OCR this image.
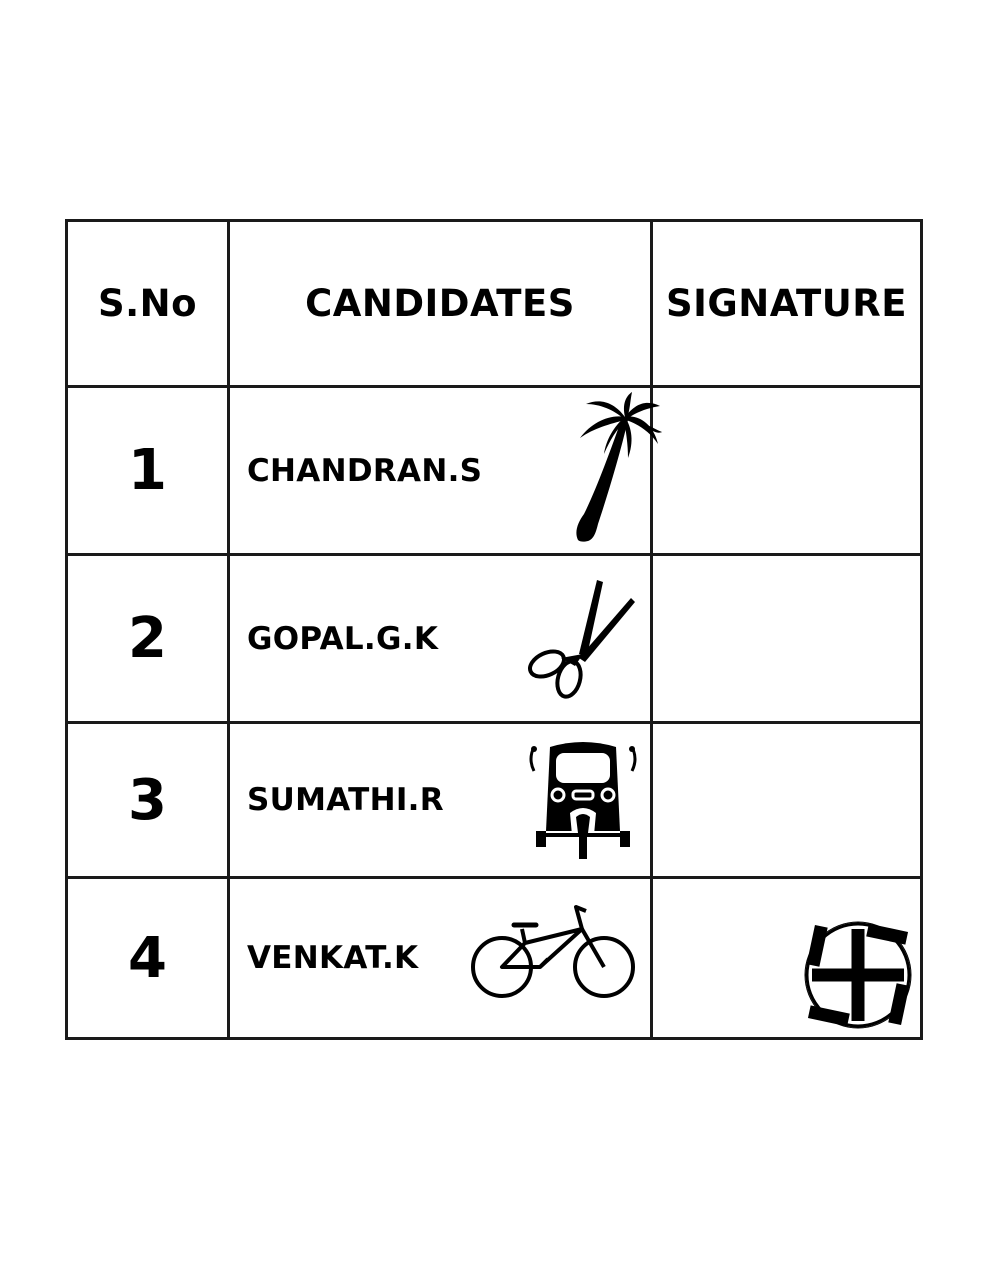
S.No	CANDIDATES	SIGNATURE
1	CHANDRAN.S
2	GOPAL.G.K
3	SUMATHI.R
4	VENKAT.K
